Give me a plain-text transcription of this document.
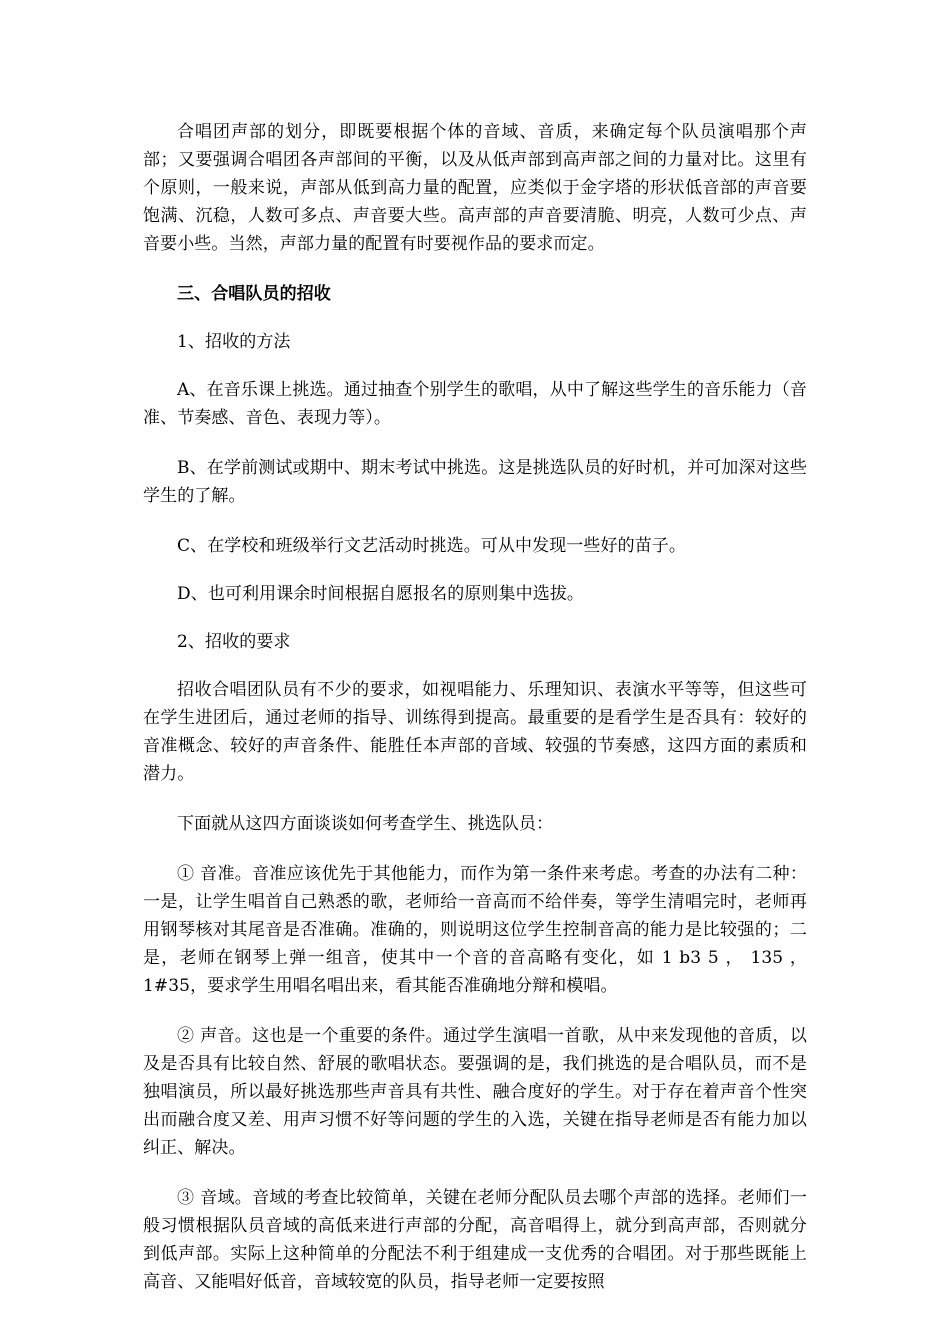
合唱团声部的划分，即既要根据个体的音域、音质，来确定每个队员演唱那个声部；又要强调合唱团各声部间的平衡，以及从低声部到高声部之间的力量对比。这里有个原则，一般来说，声部从低到高力量的配置，应类似于金字塔的形状低音部的声音要饱满、沉稳，人数可多点、声音要大些。高声部的声音要清脆、明亮，人数可少点、声音要小些。当然，声部力量的配置有时要视作品的要求而定。

三、合唱队员的招收

1、招收的方法

A、在音乐课上挑选。通过抽查个别学生的歌唱，从中了解这些学生的音乐能力（音准、节奏感、音色、表现力等）。

B、在学前测试或期中、期末考试中挑选。这是挑选队员的好时机，并可加深对这些学生的了解。

C、在学校和班级举行文艺活动时挑选。可从中发现一些好的苗子。

D、也可利用课余时间根据自愿报名的原则集中选拔。

2、招收的要求

招收合唱团队员有不少的要求，如视唱能力、乐理知识、表演水平等等，但这些可在学生进团后，通过老师的指导、训练得到提高。最重要的是看学生是否具有：较好的音准概念、较好的声音条件、能胜任本声部的音域、较强的节奏感，这四方面的素质和潜力。

下面就从这四方面谈谈如何考查学生、挑选队员：

① 音准。音准应该优先于其他能力，而作为第一条件来考虑。考查的办法有二种：一是，让学生唱首自己熟悉的歌，老师给一音高而不给伴奏，等学生清唱完时，老师再用钢琴核对其尾音是否准确。准确的，则说明这位学生控制音高的能力是比较强的；二是，老师在钢琴上弹一组音，使其中一个音的音高略有变化，如 1 b3 5 ， 135 ， 1#35，要求学生用唱名唱出来，看其能否准确地分辩和模唱。

② 声音。这也是一个重要的条件。通过学生演唱一首歌，从中来发现他的音质，以及是否具有比较自然、舒展的歌唱状态。要强调的是，我们挑选的是合唱队员，而不是独唱演员，所以最好挑选那些声音具有共性、融合度好的学生。对于存在着声音个性突出而融合度又差、用声习惯不好等问题的学生的入选，关键在指导老师是否有能力加以纠正、解决。

③ 音域。音域的考查比较简单，关键在老师分配队员去哪个声部的选择。老师们一般习惯根据队员音域的高低来进行声部的分配，高音唱得上，就分到高声部，否则就分到低声部。实际上这种简单的分配法不利于组建成一支优秀的合唱团。对于那些既能上高音、又能唱好低音，音域较宽的队员，指导老师一定要按照
